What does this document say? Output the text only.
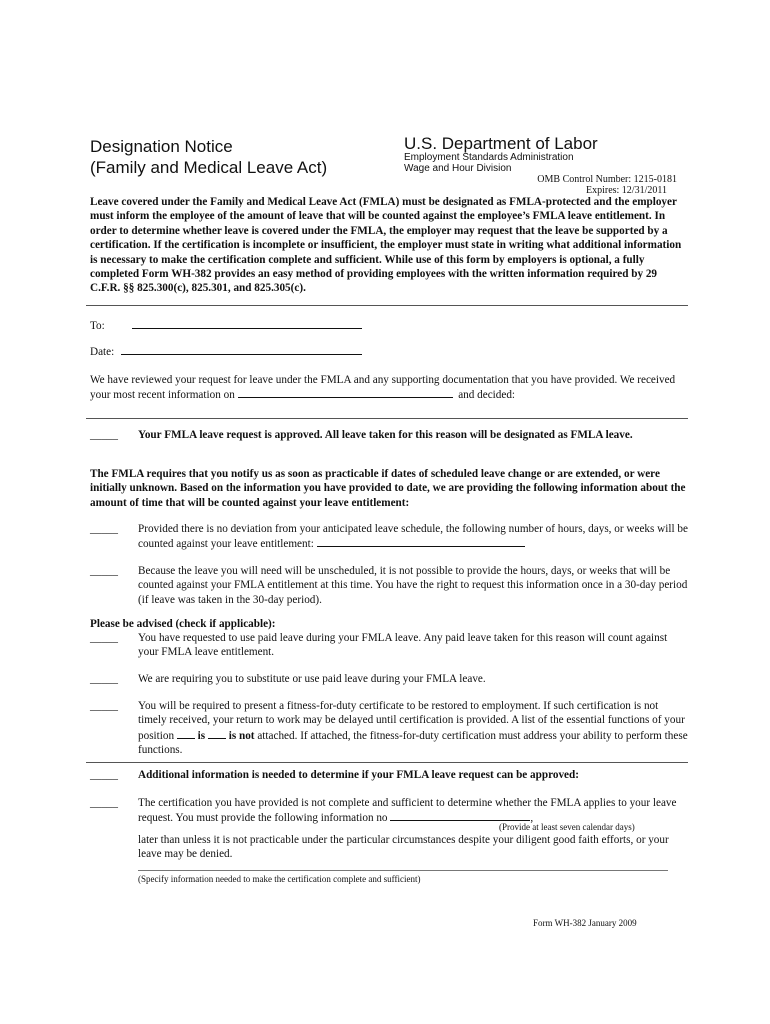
Designation Notice
(Family and Medical Leave Act)
U.S. Department of Labor
Employment Standards Administration
Wage and Hour Division
OMB Control Number: 1215-0181
Expires: 12/31/2011
Leave covered under the Family and Medical Leave Act (FMLA) must be designated as FMLA-protected and the employer must inform the employee of the amount of leave that will be counted against the employee’s FMLA leave entitlement. In order to determine whether leave is covered under the FMLA, the employer may request that the leave be supported by a certification. If the certification is incomplete or insufficient, the employer must state in writing what additional information is necessary to make the certification complete and sufficient. While use of this form by employers is optional, a fully completed Form WH-382 provides an easy method of providing employees with the written information required by 29 C.F.R. §§ 825.300(c), 825.301, and 825.305(c).
To:
Date:
We have reviewed your request for leave under the FMLA and any supporting documentation that you have provided. We received your most recent information on	and decided:
_____ Your FMLA leave request is approved. All leave taken for this reason will be designated as FMLA leave.
The FMLA requires that you notify us as soon as practicable if dates of scheduled leave change or are extended, or were initially unknown. Based on the information you have provided to date, we are providing the following information about the amount of time that will be counted against your leave entitlement:
_____ Provided there is no deviation from your anticipated leave schedule, the following number of hours, days, or weeks will be counted against your leave entitlement:
_____ Because the leave you will need will be unscheduled, it is not possible to provide the hours, days, or weeks that will be counted against your FMLA entitlement at this time. You have the right to request this information once in a 30-day period (if leave was taken in the 30-day period).
Please be advised (check if applicable):
_____ You have requested to use paid leave during your FMLA leave. Any paid leave taken for this reason will count against your FMLA leave entitlement.
_____ We are requiring you to substitute or use paid leave during your FMLA leave.
_____ You will be required to present a fitness-for-duty certificate to be restored to employment. If such certification is not timely received, your return to work may be delayed until certification is provided. A list of the essential functions of your position is is not attached. If attached, the fitness-for-duty certification must address your ability to perform these functions.
_____ Additional information is needed to determine if your FMLA leave request can be approved:
_____ The certification you have provided is not complete and sufficient to determine whether the FMLA applies to your leave request. You must provide the following information no	,
(Provide at least seven calendar days)
later than unless it is not practicable under the particular circumstances despite your diligent good faith efforts, or your leave may be denied.
(Specify information needed to make the certification complete and sufficient)
Form WH-382 January 2009
